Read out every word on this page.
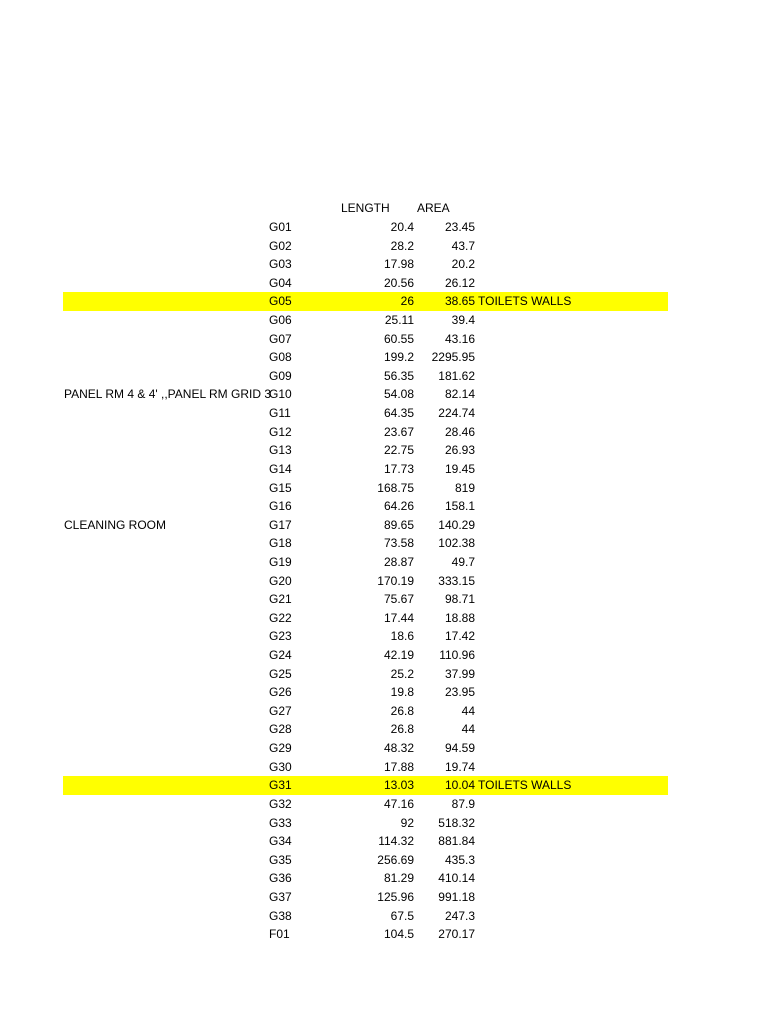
LENGTH AREA
G01	20.4	23.45
G02	28.2	43.7
G03	17.98	20.2
G04	20.56	26.12
G05	26	38.65 TOILETS WALLS
G06	25.11	39.4
G07	60.55	43.16
G08	199.2 2295.95
G09	56.35 181.62
PANEL RM 4 & 4' ,,PANEL RM GRID 3
G10	54.08	82.14
G11	64.35 224.74
G12	23.67	28.46
G13	22.75	26.93
G14	17.73	19.45
G15	168.75	819
G16	64.26	158.1
CLEANING ROOM	G17	89.65 140.29
G18	73.58 102.38
G19	28.87	49.7
G20	170.19 333.15
G21	75.67	98.71
G22	17.44	18.88
G23	18.6	17.42
G24	42.19 110.96
G25	25.2	37.99
G26	19.8	23.95
G27	26.8	44
G28	26.8	44
G29	48.32	94.59
G30	17.88	19.74
G31	13.03	10.04 TOILETS WALLS
G32	47.16	87.9
G33	92 518.32
G34	114.32 881.84
G35	256.69	435.3
G36	81.29 410.14
G37	125.96 991.18
G38	67.5	247.3
F01	104.5 270.17
